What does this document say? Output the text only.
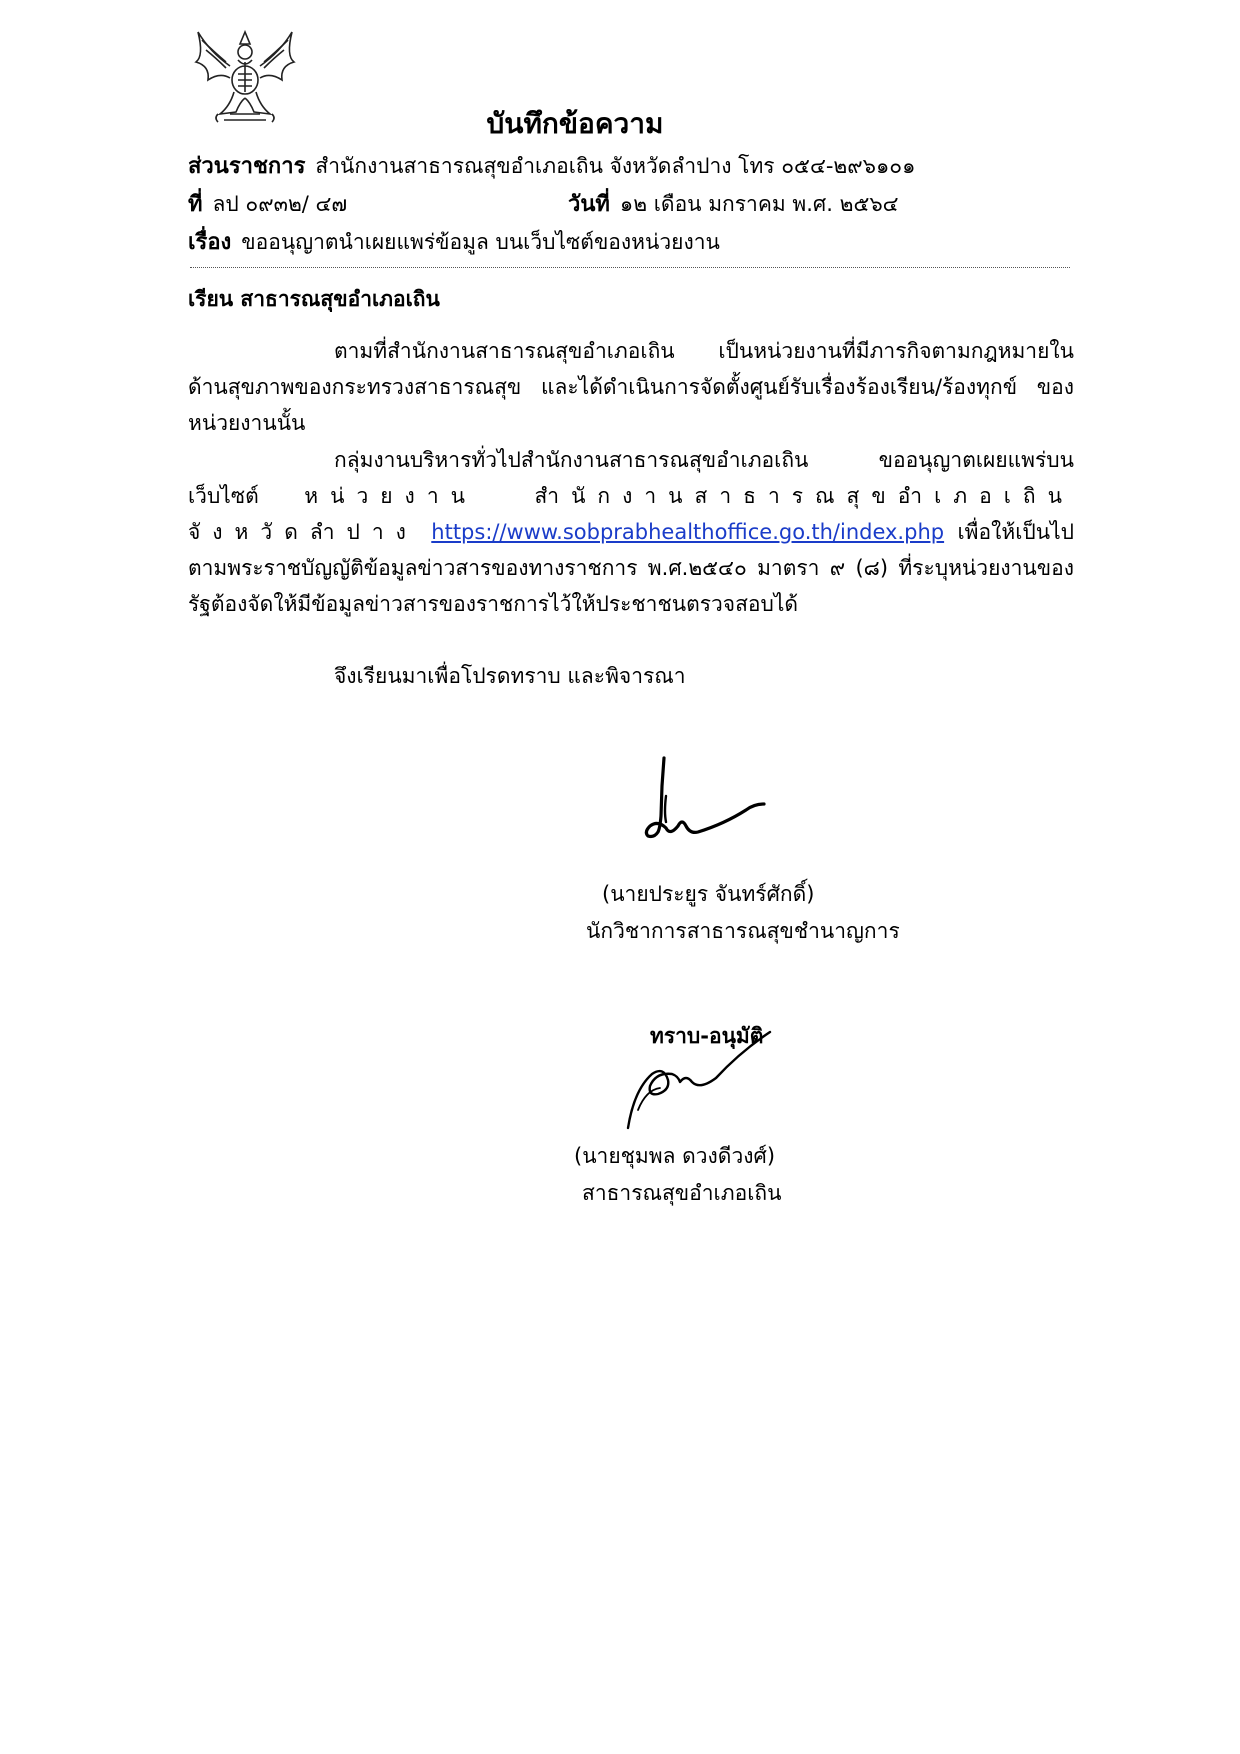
บันทึกข้อความ
ส่วนราชการ สำนักงานสาธารณสุขอำเภอเถิน จังหวัดลำปาง โทร ๐๕๔-๒๙๖๑๐๑
ที่ ลป ๐๙๓๒/ ๔๗	วันที่ ๑๒ เดือน มกราคม พ.ศ. ๒๕๖๔
เรื่อง ขออนุญาตนำเผยแพร่ข้อมูล บนเว็บไซต์ของหน่วยงาน
เรียน สาธารณสุขอำเภอเถิน
ตามที่สำนักงานสาธารณสุขอำเภอเถิน เป็นหน่วยงานที่มีภารกิจตามกฎหมายในด้านสุขภาพของกระทรวงสาธารณสุข และได้ดำเนินการจัดตั้งศูนย์รับเรื่องร้องเรียน/ร้องทุกข์ ของหน่วยงานนั้น
กลุ่มงานบริหารทั่วไปสำนักงานสาธารณสุขอำเภอเถิน ขออนุญาตเผยแพร่บนเว็บไซต์ หน่วยงาน สำนักงานสาธารณสุขอำเภอเถิน จังหวัดลำปาง https://www.sobprabhealthoffice.go.th/index.php เพื่อให้เป็นไปตามพระราชบัญญัติข้อมูลข่าวสารของทางราชการ พ.ศ.๒๕๔๐ มาตรา ๙ (๘) ที่ระบุหน่วยงานของรัฐต้องจัดให้มีข้อมูลข่าวสารของราชการไว้ให้ประชาชนตรวจสอบได้
จึงเรียนมาเพื่อโปรดทราบ และพิจารณา
(นายประยูร จันทร์ศักดิ์)
นักวิชาการสาธารณสุขชำนาญการ
ทราบ-อนุมัติ
(นายชุมพล ดวงดีวงศ์)
สาธารณสุขอำเภอเถิน
